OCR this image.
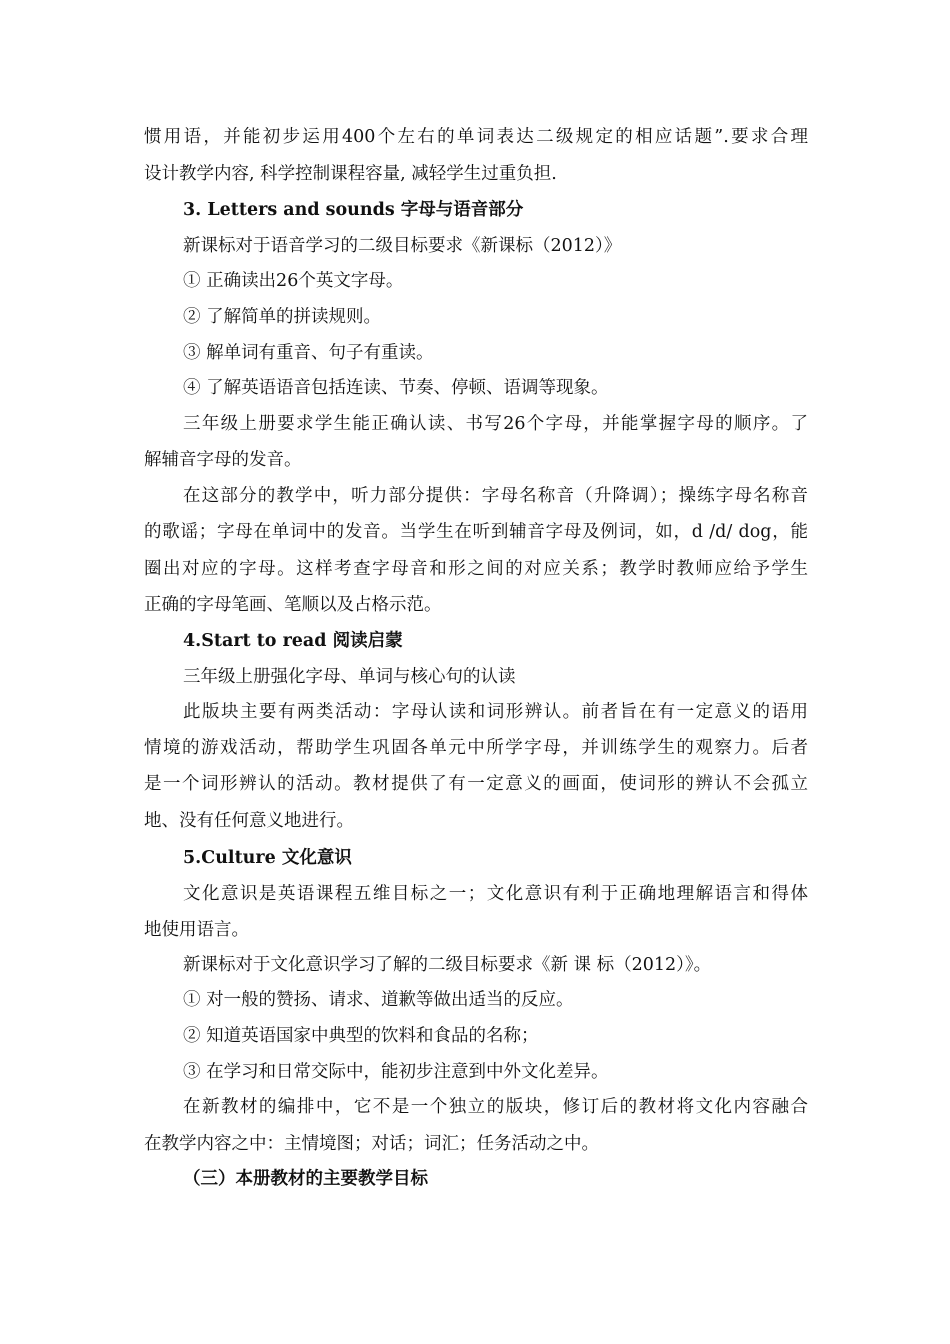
惯用语，并能初步运用400个左右的单词表达二级规定的相应话题”.要求合理
设计教学内容, 科学控制课程容量, 减轻学生过重负担.
3. Letters and sounds 字母与语音部分
新课标对于语音学习的二级目标要求《新课标（2012）》
① 正确读出26个英文字母。
② 了解简单的拼读规则。
③ 解单词有重音、句子有重读。
④ 了解英语语音包括连读、节奏、停顿、语调等现象。
三年级上册要求学生能正确认读、书写26个字母，并能掌握字母的顺序。了
解辅音字母的发音。
在这部分的教学中，听力部分提供：字母名称音（升降调）；操练字母名称音
的歌谣；字母在单词中的发音。当学生在听到辅音字母及例词，如，d /d/ dog，能
圈出对应的字母。这样考查字母音和形之间的对应关系；教学时教师应给予学生
正确的字母笔画、笔顺以及占格示范。
4.Start to read 阅读启蒙
三年级上册强化字母、单词与核心句的认读
此版块主要有两类活动：字母认读和词形辨认。前者旨在有一定意义的语用
情境的游戏活动，帮助学生巩固各单元中所学字母，并训练学生的观察力。后者
是一个词形辨认的活动。教材提供了有一定意义的画面，使词形的辨认不会孤立
地、没有任何意义地进行。
5.Culture 文化意识
文化意识是英语课程五维目标之一；文化意识有利于正确地理解语言和得体
地使用语言。
新课标对于文化意识学习了解的二级目标要求《新 课 标（2012）》。
① 对一般的赞扬、请求、道歉等做出适当的反应。
② 知道英语国家中典型的饮料和食品的名称；
③ 在学习和日常交际中，能初步注意到中外文化差异。
在新教材的编排中，它不是一个独立的版块，修订后的教材将文化内容融合
在教学内容之中：主情境图；对话；词汇；任务活动之中。
（三）本册教材的主要教学目标
